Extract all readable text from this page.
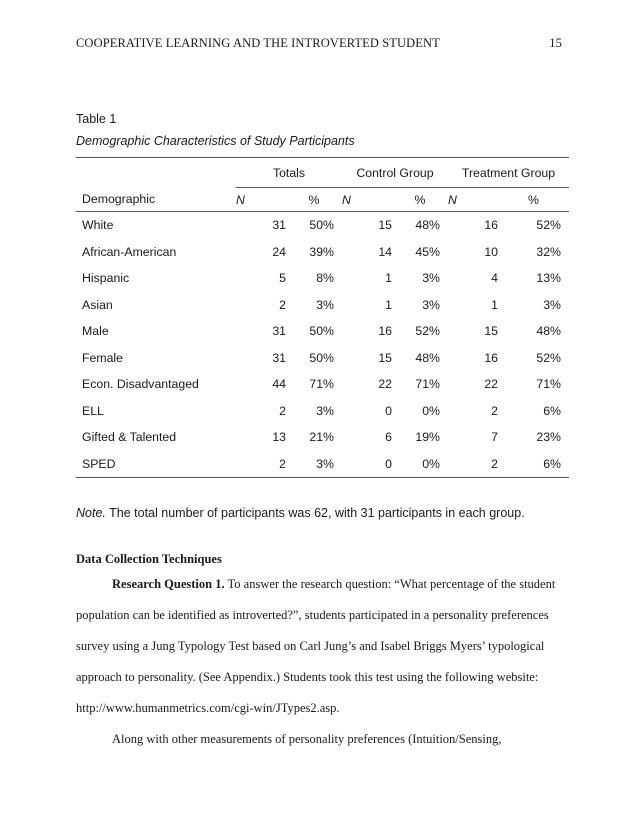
COOPERATIVE LEARNING AND THE INTROVERTED STUDENT	15
Table 1
Demographic Characteristics of Study Participants
	Totals		Control Group		Treatment Group	
Demographic	N	%	N	%	N	%
White	31	50%	15	48%	16	52%
African-American	24	39%	14	45%	10	32%
Hispanic	5	8%	1	3%	4	13%
Asian	2	3%	1	3%	1	3%
Male	31	50%	16	52%	15	48%
Female	31	50%	15	48%	16	52%
Econ. Disadvantaged	44	71%	22	71%	22	71%
ELL	2	3%	0	0%	2	6%
Gifted & Talented	13	21%	6	19%	7	23%
SPED	2	3%	0	0%	2	6%
Note. The total number of participants was 62, with 31 participants in each group.
Data Collection Techniques
Research Question 1. To answer the research question: “What percentage of the student
population can be identified as introverted?”, students participated in a personality preferences
survey using a Jung Typology Test based on Carl Jung’s and Isabel Briggs Myers’ typological
approach to personality. (See Appendix.) Students took this test using the following website:
http://www.humanmetrics.com/cgi-win/JTypes2.asp.
Along with other measurements of personality preferences (Intuition/Sensing,
